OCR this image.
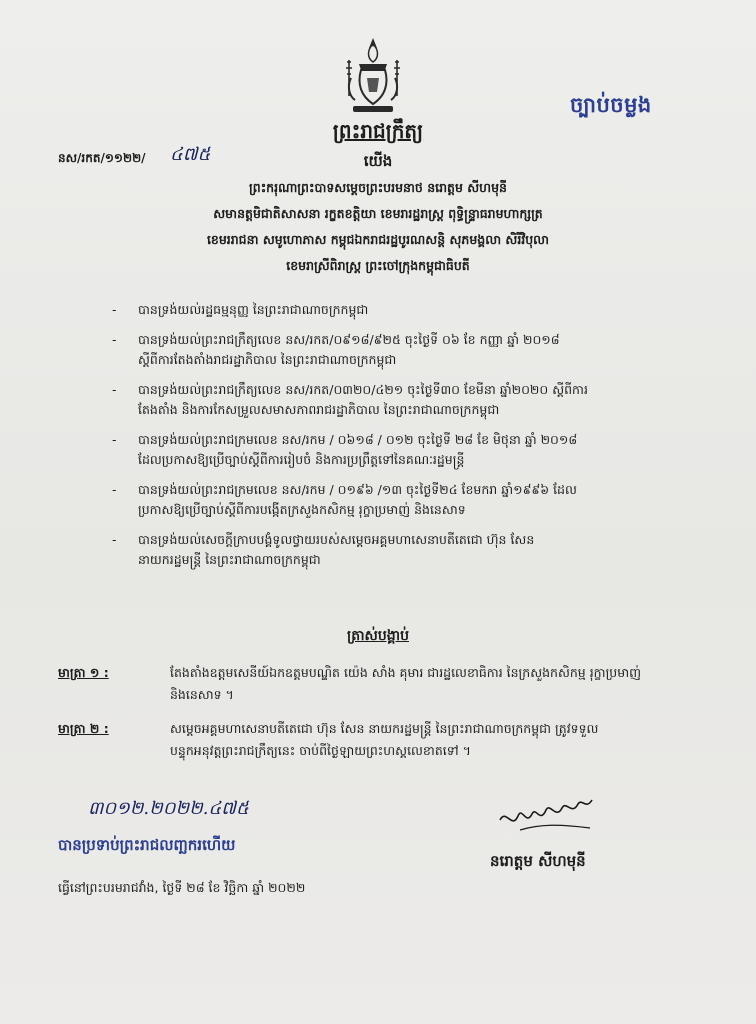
ច្បាប់ចម្លង
ព្រះរាជក្រឹត្យ
នស/រកត/១១២២/ ៤៧៥	យើង
ព្រះករុណាព្រះបាទសម្តេចព្រះបរមនាថ នរោត្តម សីហមុនី
សមានត្តមិជាតិសាសនា រក្ខតខត្តិយា ខេមរារដ្ឋរាស្ត្រ ពុទ្ធិន្ទ្រាធរាមហាក្សត្រ
ខេមររាជនា សមូហោភាស កម្ពុជឯករាជរដ្ឋបូរណសន្តិ សុភមង្គលា សិរីវិបុលា
ខេមរាស្រីពិរាស្ត្រ ព្រះចៅក្រុងកម្ពុជាធិបតី
- បានទ្រង់យល់រដ្ឋធម្មនុញ្ញ នៃព្រះរាជាណាចក្រកម្ពុជា
- បានទ្រង់យល់ព្រះរាជក្រឹត្យលេខ នស/រកត/០៩១៨/៩២៥ ចុះថ្ងៃទី ០៦ ខែ កញ្ញា ឆ្នាំ ២០១៨
ស្តីពីការតែងតាំងរាជរដ្ឋាភិបាល នៃព្រះរាជាណាចក្រកម្ពុជា
- បានទ្រង់យល់ព្រះរាជក្រឹត្យលេខ នស/រកត/០៣២០/៤២១ ចុះថ្ងៃទី៣០ ខែមីនា ឆ្នាំ២០២០ ស្តីពីការ
តែងតាំង និងការកែសម្រួលសមាសភាពរាជរដ្ឋាភិបាល នៃព្រះរាជាណាចក្រកម្ពុជា
- បានទ្រង់យល់ព្រះរាជក្រមលេខ នស/រកម / ០៦១៨ / ០១២ ចុះថ្ងៃទី ២៨ ខែ មិថុនា ឆ្នាំ ២០១៨
ដែលប្រកាសឱ្យប្រើច្បាប់ស្តីពីការរៀបចំ និងការប្រព្រឹត្តទៅនៃគណៈរដ្ឋមន្ត្រី
- បានទ្រង់យល់ព្រះរាជក្រមលេខ នស/រកម / ០១៩៦ /១៣ ចុះថ្ងៃទី២៤ ខែមករា ឆ្នាំ១៩៩៦ ដែល
ប្រកាសឱ្យប្រើច្បាប់ស្តីពីការបង្កើតក្រសួងកសិកម្ម រុក្ខាប្រមាញ់ និងនេសាទ
- បានទ្រង់យល់សេចក្តីក្រាបបង្គំទូលថ្វាយរបស់សម្តេចអគ្គមហាសេនាបតីតេជោ ហ៊ុន សែន
នាយករដ្ឋមន្ត្រី នៃព្រះរាជាណាចក្រកម្ពុជា
ត្រាស់បង្គាប់
មាត្រា ១ :	តែងតាំងឧត្តមសេនីយ៍ឯកឧត្តមបណ្ឌិត យ៉េង សាំង គុមារ ជារដ្ឋលេខាធិការ នៃក្រសួងកសិកម្ម រុក្ខាប្រមាញ់
និងនេសាទ ។
មាត្រា ២ :	សម្តេចអគ្គមហាសេនាបតីតេជោ ហ៊ុន សែន នាយករដ្ឋមន្ត្រី នៃព្រះរាជាណាចក្រកម្ពុជា ត្រូវទទួល
បន្ទុកអនុវត្តព្រះរាជក្រឹត្យនេះ ចាប់ពីថ្ងៃឡាយព្រះហស្តលេខាតទៅ ។
៣០១២.២០២២.៤៧៥
បានប្រទាប់ព្រះរាជលញ្ឆករហើយ
នរោត្តម សីហមុនី
ធ្វើនៅព្រះបរមរាជវាំង, ថ្ងៃទី ២៨ ខែ វិច្ឆិកា ឆ្នាំ ២០២២
